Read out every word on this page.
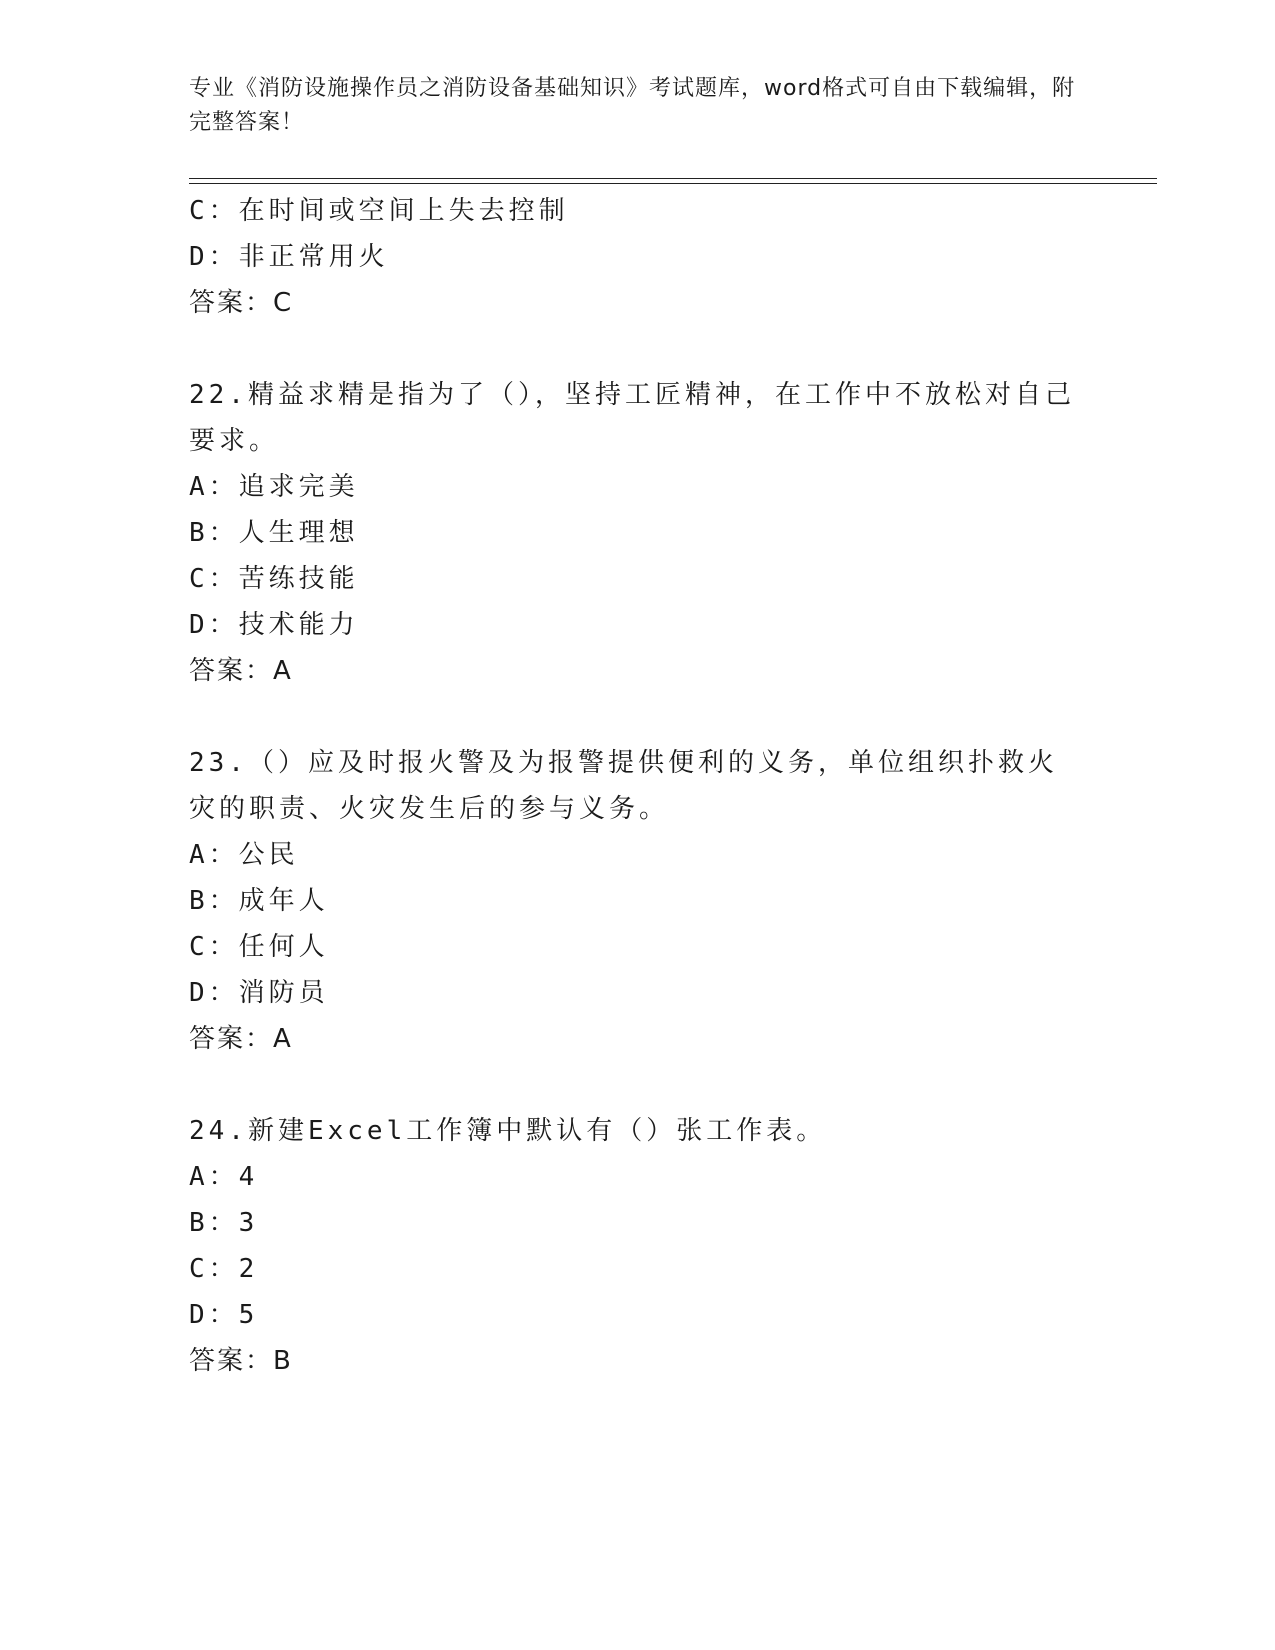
专业《消防设施操作员之消防设备基础知识》考试题库，word格式可自由下载编辑，附完整答案！
C：在时间或空间上失去控制
D：非正常用火
答案：C
22.精益求精是指为了（），坚持工匠精神，在工作中不放松对自己要求。
A：追求完美
B：人生理想
C：苦练技能
D：技术能力
答案：A
23.（）应及时报火警及为报警提供便利的义务，单位组织扑救火灾的职责、火灾发生后的参与义务。
A：公民
B：成年人
C：任何人
D：消防员
答案：A
24.新建Excel工作簿中默认有（）张工作表。
A：4
B：3
C：2
D：5
答案：B
